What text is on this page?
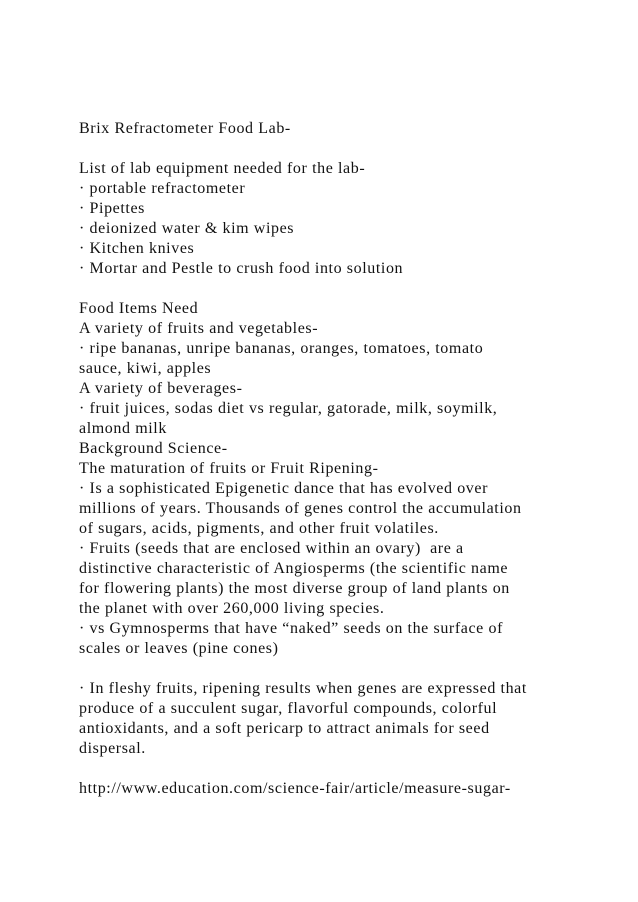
Brix Refractometer Food Lab-
List of lab equipment needed for the lab-
· portable refractometer
· Pipettes
· deionized water & kim wipes
· Kitchen knives
· Mortar and Pestle to crush food into solution
Food Items Need
A variety of fruits and vegetables-
· ripe bananas, unripe bananas, oranges, tomatoes, tomato
sauce, kiwi, apples
A variety of beverages-
· fruit juices, sodas diet vs regular, gatorade, milk, soymilk,
almond milk
Background Science-
The maturation of fruits or Fruit Ripening-
· Is a sophisticated Epigenetic dance that has evolved over
millions of years. Thousands of genes control the accumulation
of sugars, acids, pigments, and other fruit volatiles.
· Fruits (seeds that are enclosed within an ovary)  are a
distinctive characteristic of Angiosperms (the scientific name
for flowering plants) the most diverse group of land plants on
the planet with over 260,000 living species.
· vs Gymnosperms that have “naked” seeds on the surface of
scales or leaves (pine cones)
· In fleshy fruits, ripening results when genes are expressed that
produce of a succulent sugar, flavorful compounds, colorful
antioxidants, and a soft pericarp to attract animals for seed
dispersal.
http://www.education.com/science-fair/article/measure-sugar-
